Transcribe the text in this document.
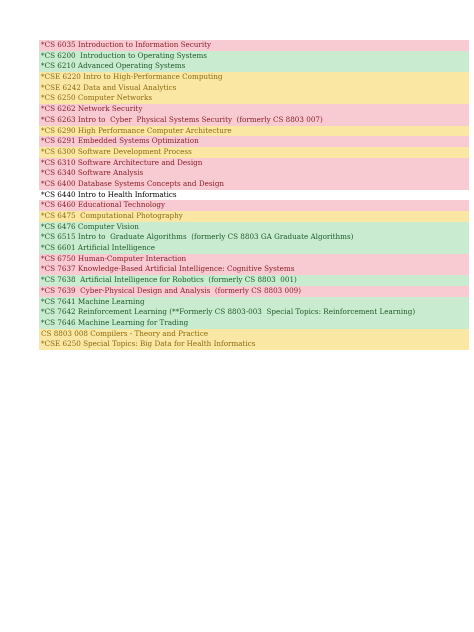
*CS 6035 Introduction to Information Security
*CS 6200  Introduction to Operating Systems
*CS 6210 Advanced Operating Systems
*CSE 6220 Intro to High-Performance Computing
*CSE 6242 Data and Visual Analytics
*CS 6250 Computer Networks
*CS 6262 Network Security
*CS 6263 Intro to  Cyber  Physical Systems Security  (formerly CS 8803 007)
*CS 6290 High Performance Computer Architecture
*CS 6291 Embedded Systems Optimization
*CS 6300 Software Development Process
*CS 6310 Software Architecture and Design
*CS 6340 Software Analysis
*CS 6400 Database Systems Concepts and Design
*CS 6440 Intro to Health Informatics
*CS 6460 Educational Technology
*CS 6475  Computational Photography
*CS 6476 Computer Vision
*CS 6515 Intro to  Graduate Algorithms  (formerly CS 8803 GA Graduate Algorithms)
*CS 6601 Artificial Intelligence
*CS 6750 Human-Computer Interaction
*CS 7637 Knowledge-Based Artificial Intelligence: Cognitive Systems
*CS 7638  Artificial Intelligence for Robotics  (formerly CS 8803  001)
*CS 7639  Cyber-Physical Design and Analysis  (formerly CS 8803 009)
*CS 7641 Machine Learning
*CS 7642 Reinforcement Learning (**Formerly CS 8803-003  Special Topics: Reinforcement Learning)
*CS 7646 Machine Learning for Trading
CS 8803 008 Compilers - Theory and Practice
*CSE 6250 Special Topics: Big Data for Health Informatics
